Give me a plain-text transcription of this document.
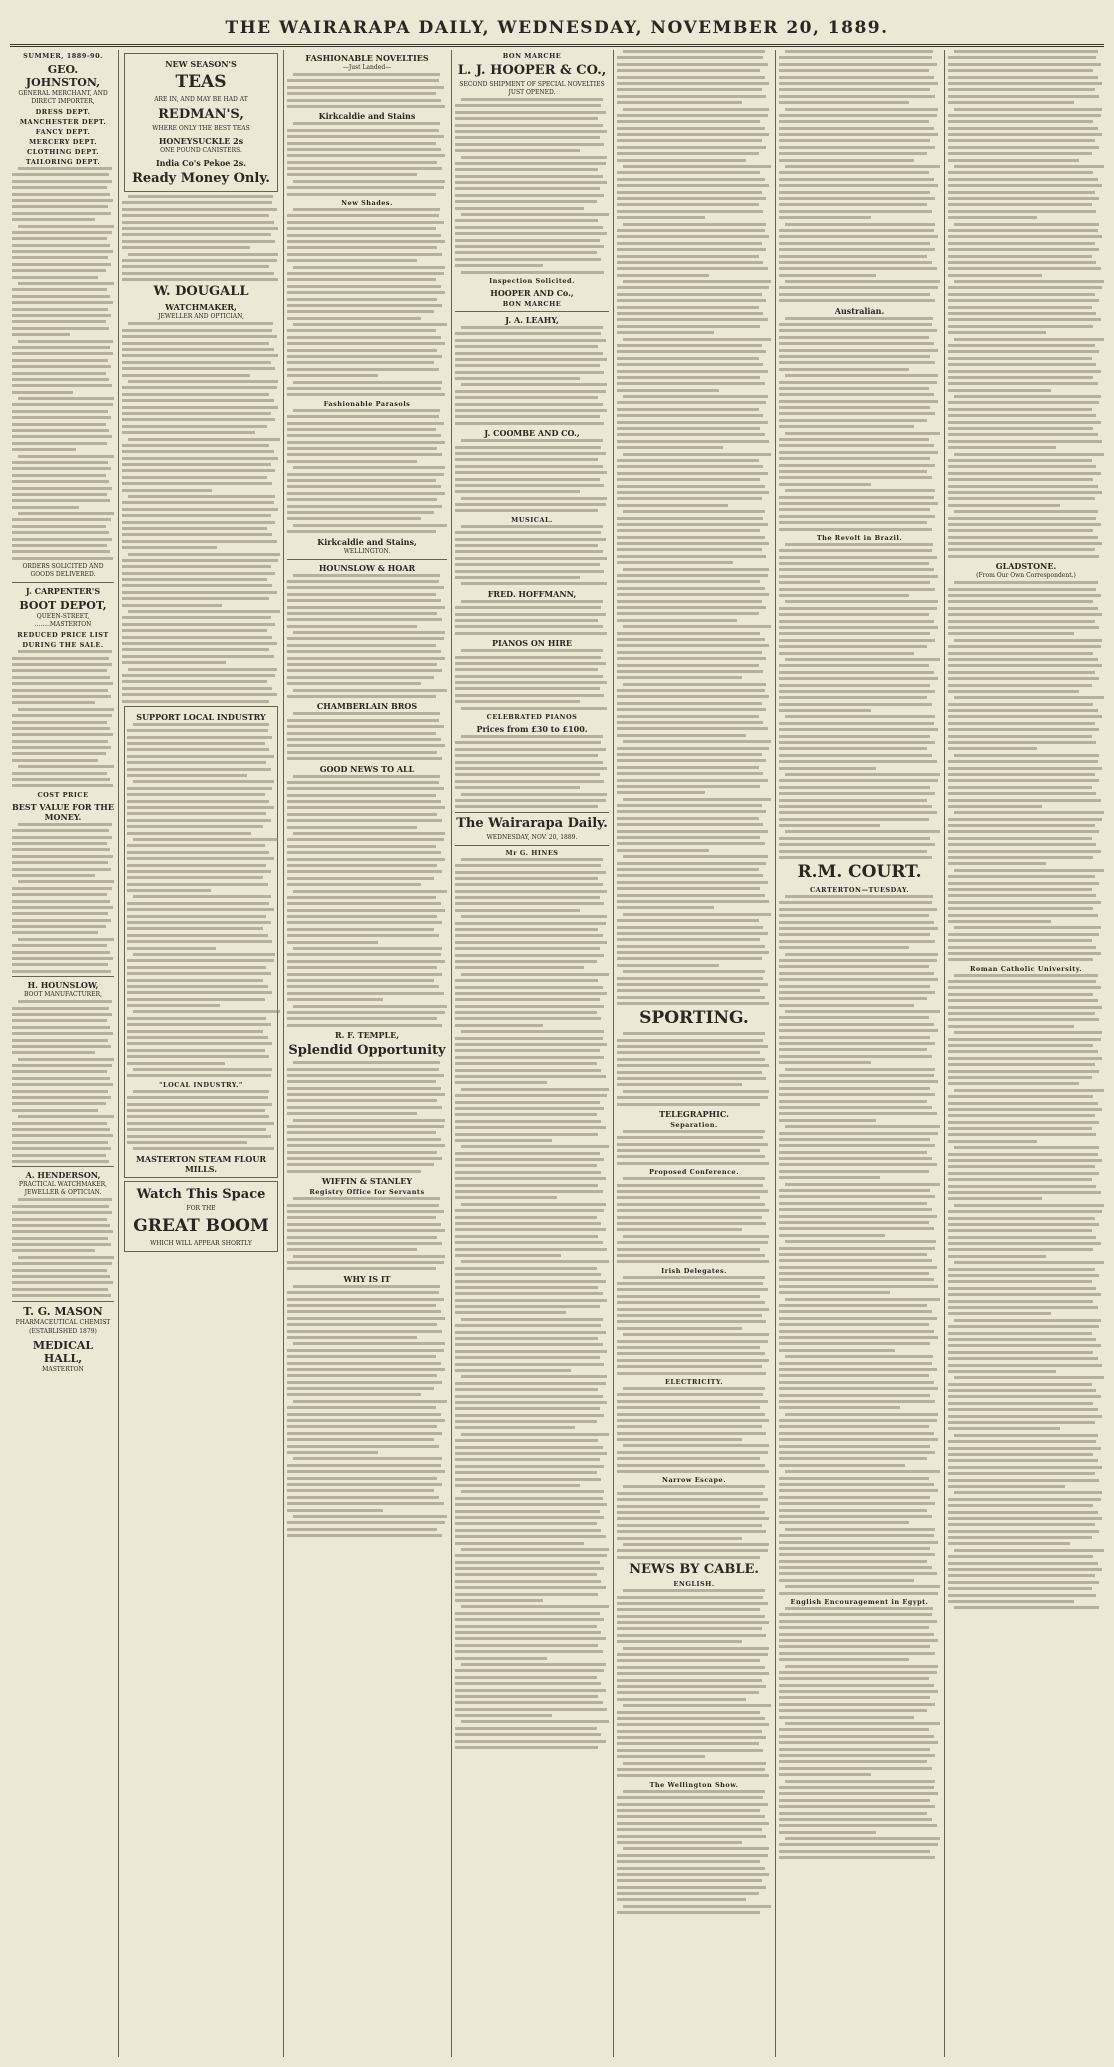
THE WAIRARAPA DAILY, WEDNESDAY, NOVEMBER 20, 1889.
SUMMER, 1889-90.
GEO. JOHNSTON,
GENERAL MERCHANT, AND DIRECT IMPORTER,
DRESS DEPT.
MANCHESTER DEPT.
FANCY DEPT.
MERCERY DEPT.
CLOTHING DEPT.
TAILORING DEPT.
ORDERS SOLICITED AND GOODS DELIVERED.
J. CARPENTER'S
BOOT DEPOT,
QUEEN-STREET, ........MASTERTON
REDUCED PRICE LIST
DURING THE SALE.
COST PRICE
BEST VALUE FOR THE MONEY.
H. HOUNSLOW,
BOOT MANUFACTURER,
A. HENDERSON,
PRACTICAL WATCHMAKER, JEWELLER & OPTICIAN.
T. G. MASON
PHARMACEUTICAL CHEMIST
(ESTABLISHED 1879)
MEDICAL HALL,
MASTERTON
NEW SEASON'S
TEAS
ARE IN, AND MAY BE HAD AT
REDMAN'S,
WHERE ONLY THE BEST TEAS
HONEYSUCKLE 2s
ONE POUND CANISTERS.
India Co's Pekoe 2s.
Ready Money Only.
W. DOUGALL
WATCHMAKER,
JEWELLER AND OPTICIAN,
SUPPORT LOCAL INDUSTRY
"LOCAL INDUSTRY."
MASTERTON STEAM FLOUR MILLS.
Watch This Space
FOR THE
GREAT BOOM
WHICH WILL APPEAR SHORTLY
FASHIONABLE NOVELTIES
—Just Landed—
Kirkcaldie and Stains
New Shades.
Fashionable Parasols
Kirkcaldie and Stains,
WELLINGTON.
HOUNSLOW & HOAR
CHAMBERLAIN BROS
GOOD NEWS TO ALL
R. F. TEMPLE,
Splendid Opportunity
WIFFIN & STANLEY
Registry Office for Servants
WHY IS IT
BON MARCHE
L. J. HOOPER & CO.,
SECOND SHIPMENT OF SPECIAL NOVELTIES JUST OPENED.
Inspection Solicited.
HOOPER AND Co.,
BON MARCHE
J. A. LEAHY,
J. COOMBE AND CO.,
MUSICAL.
FRED. HOFFMANN,
PIANOS ON HIRE
CELEBRATED PIANOS
Prices from £30 to £100.
The Wairarapa Daily.
WEDNESDAY, NOV. 20, 1889.
Mr G. HINES
SPORTING.
TELEGRAPHIC.
Separation.
Proposed Conference.
Irish Delegates.
ELECTRICITY.
Narrow Escape.
NEWS BY CABLE.
ENGLISH.
The Wellington Show.
Australian.
The Revolt in Brazil.
R.M. COURT.
CARTERTON—TUESDAY.
English Encouragement in Egypt.
GLADSTONE.
(From Our Own Correspondent.)
Roman Catholic University.
